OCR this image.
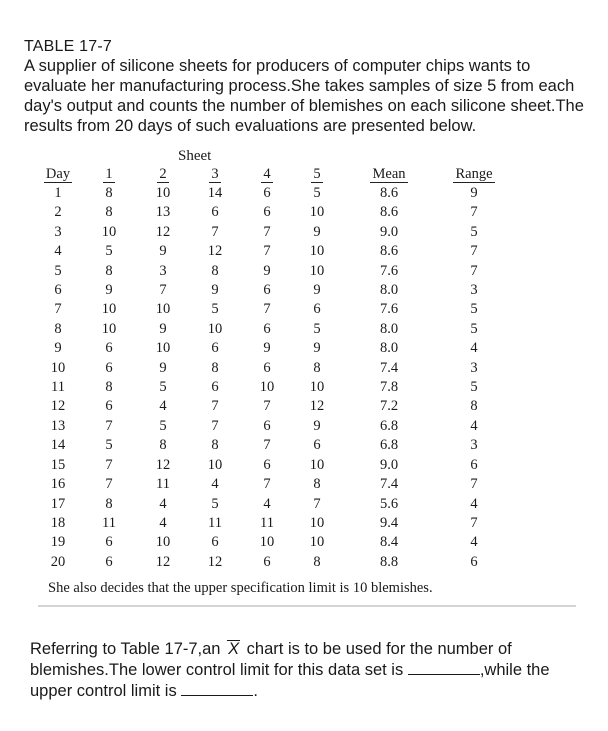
TABLE 17-7
A supplier of silicone sheets for producers of computer chips wants to evaluate her manufacturing process.She takes samples of size 5 from each day's output and counts the number of blemishes on each silicone sheet.The results from 20 days of such evaluations are presented below.
Sheet
Day	1	2	3	4	5	Mean	Range
1	8	10	14	6	5	8.6	9
2	8	13	6	6	10	8.6	7
3	10	12	7	7	9	9.0	5
4	5	9	12	7	10	8.6	7
5	8	3	8	9	10	7.6	7
6	9	7	9	6	9	8.0	3
7	10	10	5	7	6	7.6	5
8	10	9	10	6	5	8.0	5
9	6	10	6	9	9	8.0	4
10	6	9	8	6	8	7.4	3
11	8	5	6	10	10	7.8	5
12	6	4	7	7	12	7.2	8
13	7	5	7	6	9	6.8	4
14	5	8	8	7	6	6.8	3
15	7	12	10	6	10	9.0	6
16	7	11	4	7	8	7.4	7
17	8	4	5	4	7	5.6	4
18	11	4	11	11	10	9.4	7
19	6	10	6	10	10	8.4	4
20	6	12	12	6	8	8.8	6
She also decides that the upper specification limit is 10 blemishes.
Referring to Table 17-7,an X chart is to be used for the number of blemishes.The lower control limit for this data set is	,while the upper control limit is	.
